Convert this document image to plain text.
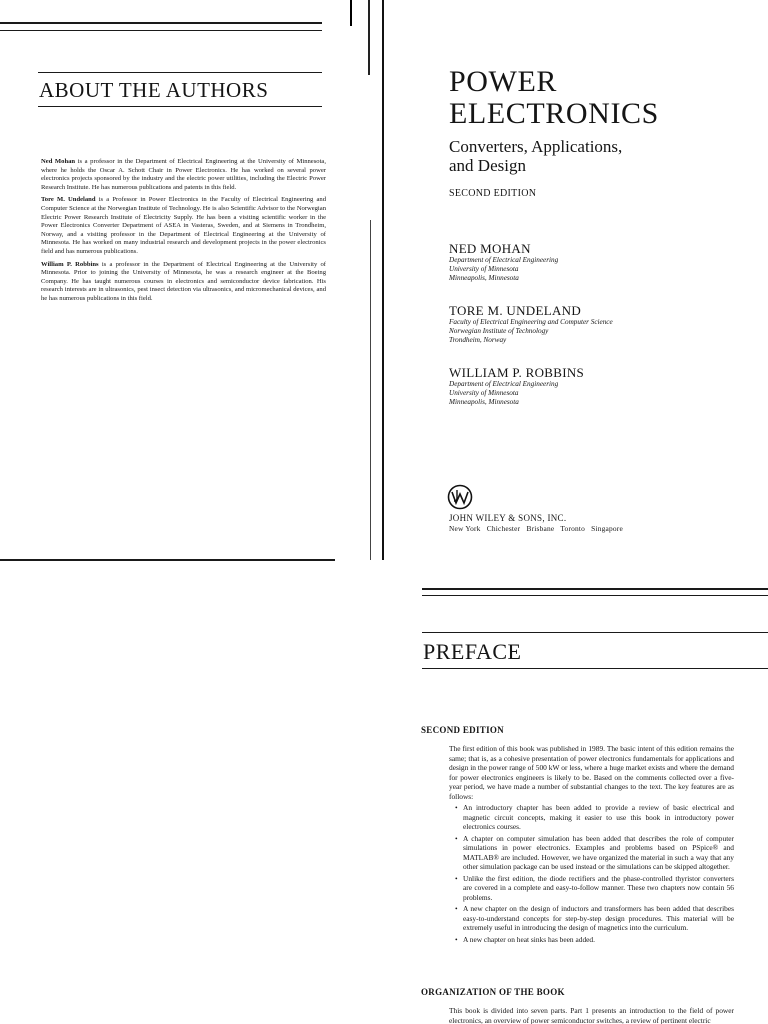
ABOUT THE AUTHORS

Ned Mohan is a professor in the Department of Electrical Engineering at the University of Minnesota, where he holds the Oscar A. Schott Chair in Power Electronics. He has worked on several power electronics projects sponsored by the industry and the electric power utilities, including the Electric Power Research Institute. He has numerous publications and patents in this field.

Tore M. Undeland is a Professor in Power Electronics in the Faculty of Electrical Engineering and Computer Science at the Norwegian Institute of Technology. He is also Scientific Advisor to the Norwegian Electric Power Research Institute of Electricity Supply. He has been a visiting scientific worker in the Power Electronics Converter Department of ASEA in Vasteras, Sweden, and at Siemens in Trondheim, Norway, and a visiting professor in the Department of Electrical Engineering at the University of Minnesota. He has worked on many industrial research and development projects in the power electronics field and has numerous publications.

William P. Robbins is a professor in the Department of Electrical Engineering at the University of Minnesota. Prior to joining the University of Minnesota, he was a research engineer at the Boeing Company. He has taught numerous courses in electronics and semiconductor device fabrication. His research interests are in ultrasonics, pest insect detection via ultrasonics, and micromechanical devices, and he has numerous publications in this field.

POWER
ELECTRONICS
Converters, Applications,
and Design
SECOND EDITION
NED MOHAN
Department of Electrical Engineering
University of Minnesota
Minneapolis, Minnesota
TORE M. UNDELAND
Faculty of Electrical Engineering and Computer Science
Norwegian Institute of Technology
Trondheim, Norway
WILLIAM P. ROBBINS
Department of Electrical Engineering
University of Minnesota
Minneapolis, Minnesota
JOHN WILEY & SONS, INC.
New York   Chichester   Brisbane   Toronto   Singapore
PREFACE
SECOND EDITION
The first edition of this book was published in 1989. The basic intent of this edition remains the same; that is, as a cohesive presentation of power electronics fundamentals for applications and design in the power range of 500 kW or less, where a huge market exists and where the demand for power electronics engineers is likely to be. Based on the comments collected over a five-year period, we have made a number of substantial changes to the text. The key features are as follows:
• An introductory chapter has been added to provide a review of basic electrical and magnetic circuit concepts, making it easier to use this book in introductory power electronics courses.
• A chapter on computer simulation has been added that describes the role of computer simulations in power electronics. Examples and problems based on PSpice® and MATLAB® are included. However, we have organized the material in such a way that any other simulation package can be used instead or the simulations can be skipped altogether.
• Unlike the first edition, the diode rectifiers and the phase-controlled thyristor converters are covered in a complete and easy-to-follow manner. These two chapters now contain 56 problems.
• A new chapter on the design of inductors and transformers has been added that describes easy-to-understand concepts for step-by-step design procedures. This material will be extremely useful in introducing the design of magnetics into the curriculum.
• A new chapter on heat sinks has been added.
ORGANIZATION OF THE BOOK
This book is divided into seven parts. Part 1 presents an introduction to the field of power electronics, an overview of power semiconductor switches, a review of pertinent electric
